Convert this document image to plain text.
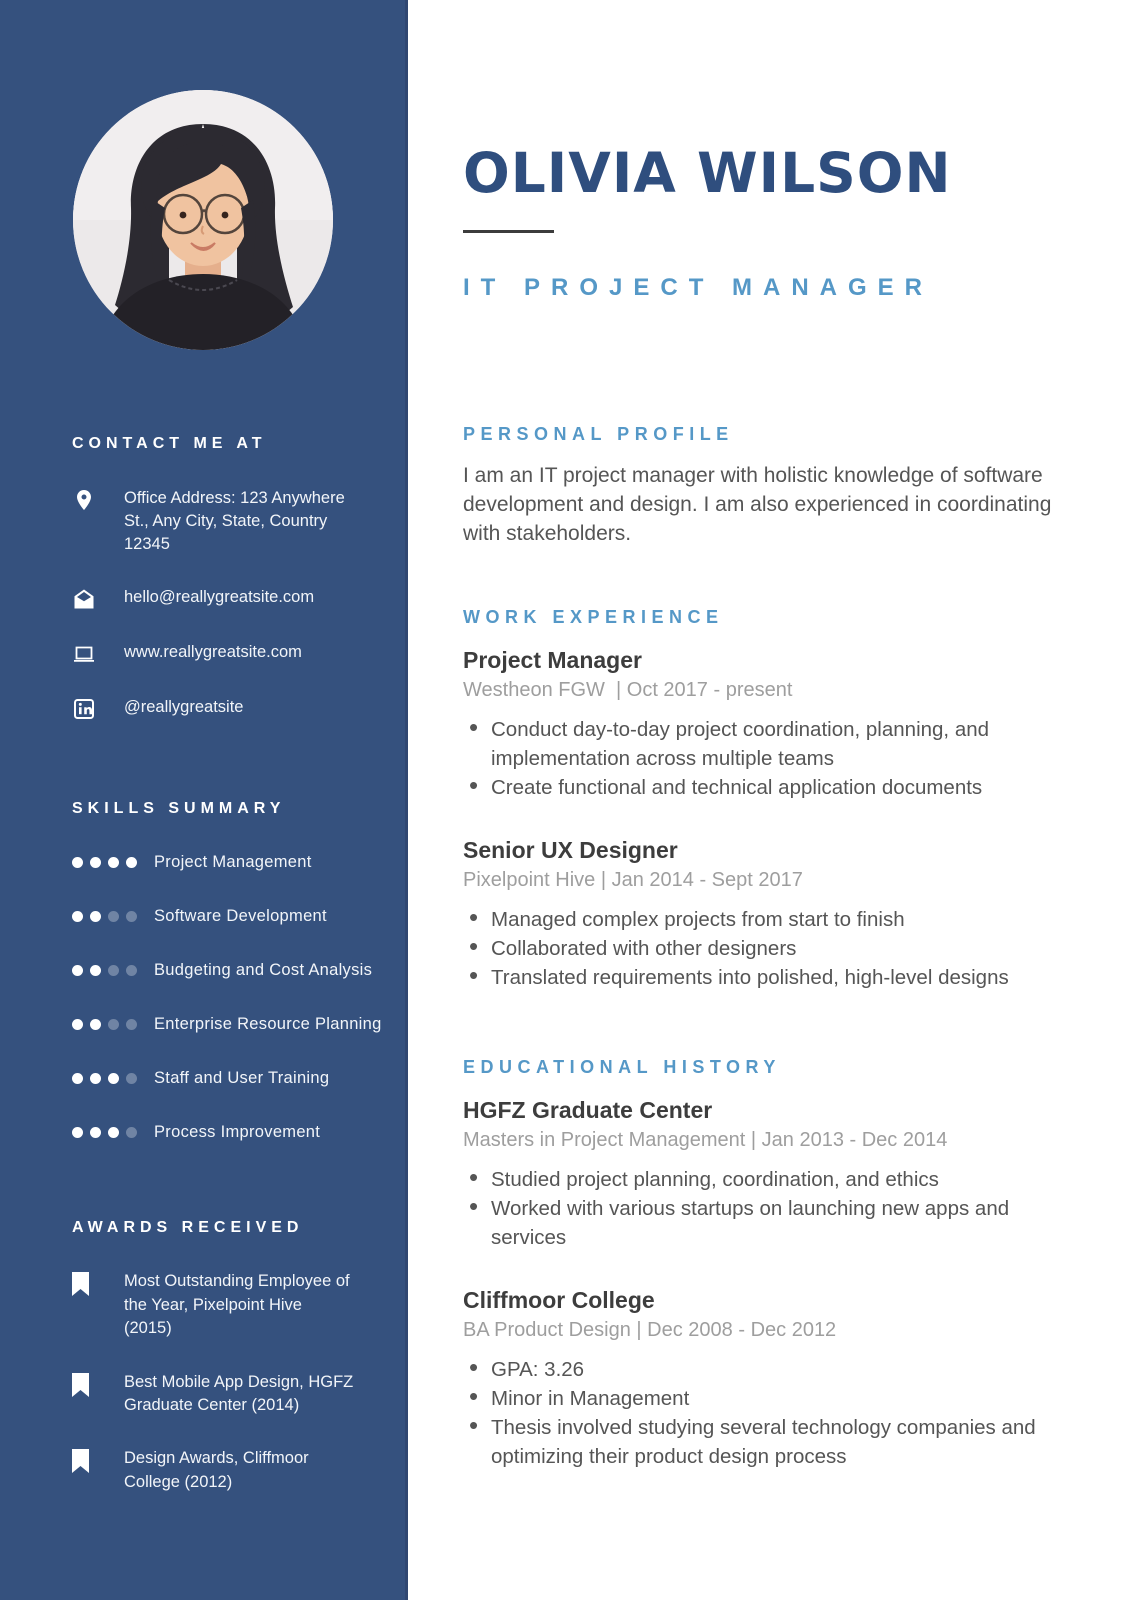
CONTACT ME AT
Office Address: 123 Anywhere St., Any City, State, Country 12345
hello@reallygreatsite.com
www.reallygreatsite.com
@reallygreatsite
SKILLS SUMMARY
Project Management
Software Development
Budgeting and Cost Analysis
Enterprise Resource Planning
Staff and User Training
Process Improvement
AWARDS RECEIVED
Most Outstanding Employee of the Year, Pixelpoint Hive (2015)
Best Mobile App Design, HGFZ Graduate Center (2014)
Design Awards, Cliffmoor College (2012)
OLIVIA WILSON
IT PROJECT MANAGER
PERSONAL PROFILE

I am an IT project manager with holistic knowledge of software development and design. I am also experienced in coordinating with stakeholders.

WORK EXPERIENCE
Project Manager
Westheon FGW  | Oct 2017 - present
• Conduct day-to-day project coordination, planning, and implementation across multiple teams
• Create functional and technical application documents
Senior UX Designer
Pixelpoint Hive | Jan 2014 - Sept 2017
• Managed complex projects from start to finish
• Collaborated with other designers
• Translated requirements into polished, high-level designs
EDUCATIONAL HISTORY
HGFZ Graduate Center
Masters in Project Management | Jan 2013 - Dec 2014
• Studied project planning, coordination, and ethics
• Worked with various startups on launching new apps and services
Cliffmoor College
BA Product Design | Dec 2008 - Dec 2012
• GPA: 3.26
• Minor in Management
• Thesis involved studying several technology companies and optimizing their product design process
